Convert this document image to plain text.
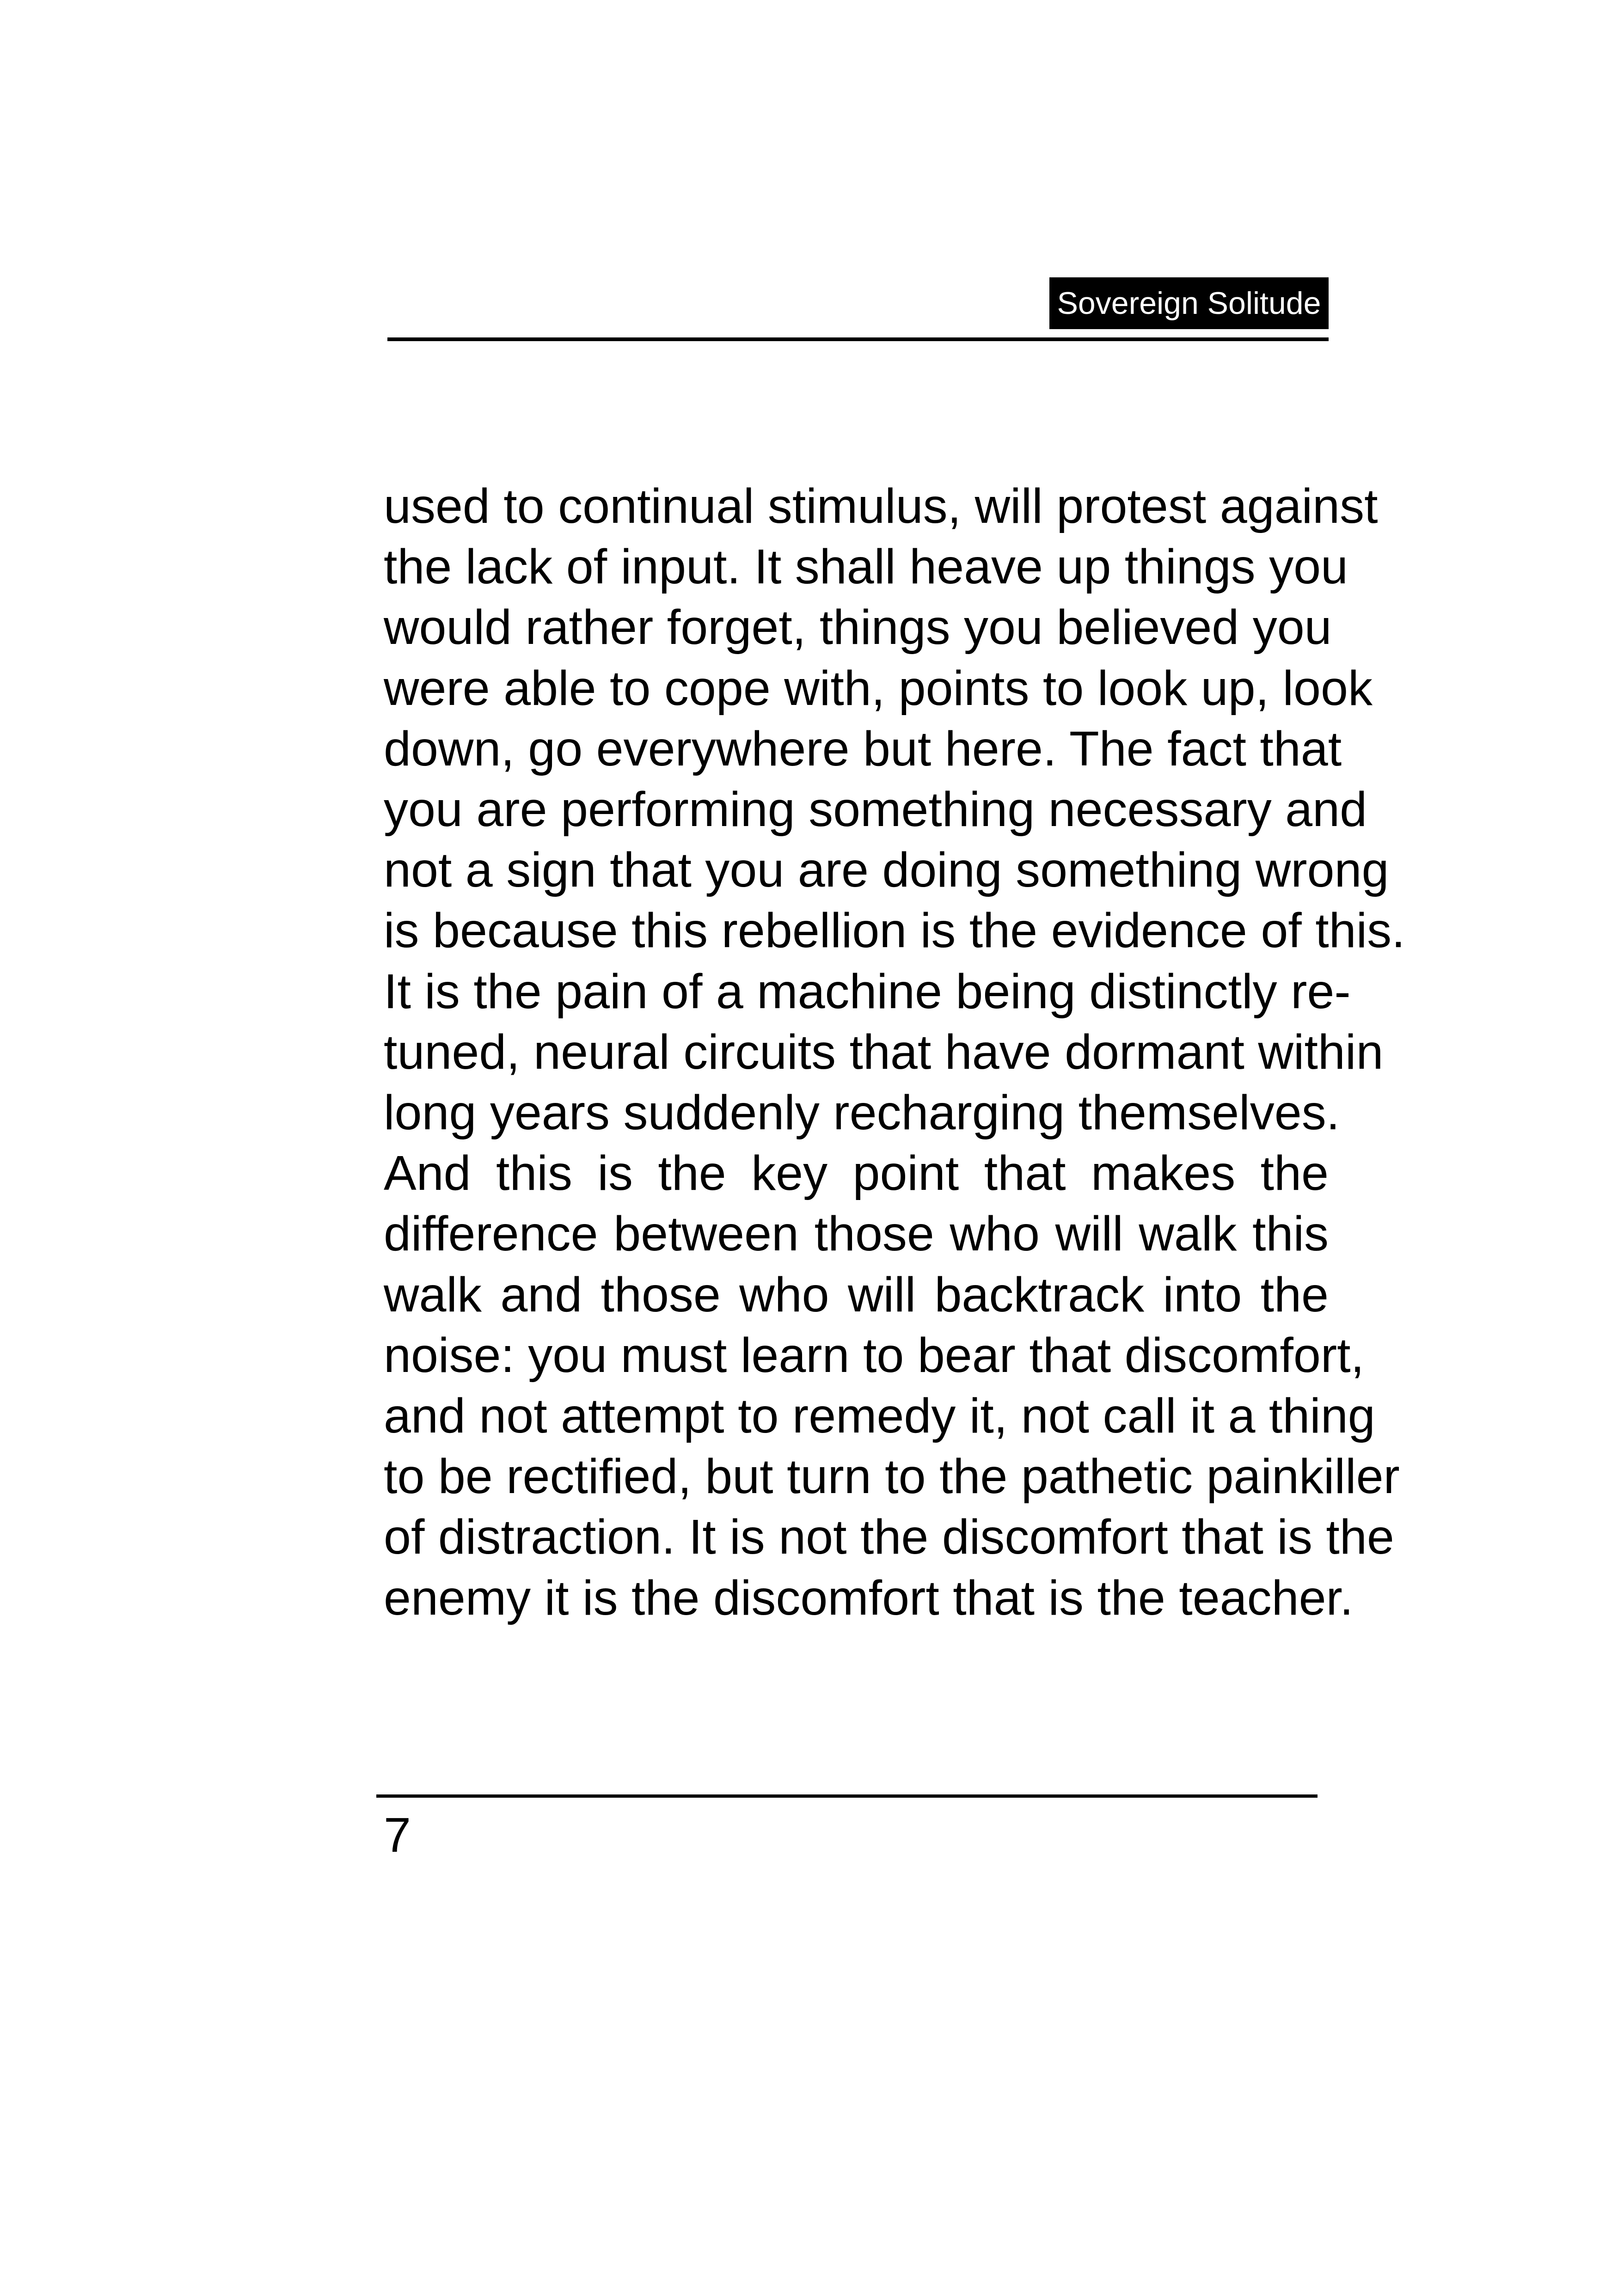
Sovereign Solitude
used to continual stimulus, will protest against
the lack of input. It shall heave up things you
would rather forget, things you believed you
were able to cope with, points to look up, look
down, go everywhere but here. The fact that
you are performing something necessary and
not a sign that you are doing something wrong
is because this rebellion is the evidence of this.
It is the pain of a machine being distinctly re-
tuned, neural circuits that have dormant within
long years suddenly recharging themselves.
And this is the key point that makes the
difference between those who will walk this
walk and those who will backtrack into the
noise: you must learn to bear that discomfort,
and not attempt to remedy it, not call it a thing
to be rectified, but turn to the pathetic painkiller
of distraction. It is not the discomfort that is the
enemy it is the discomfort that is the teacher.
7
